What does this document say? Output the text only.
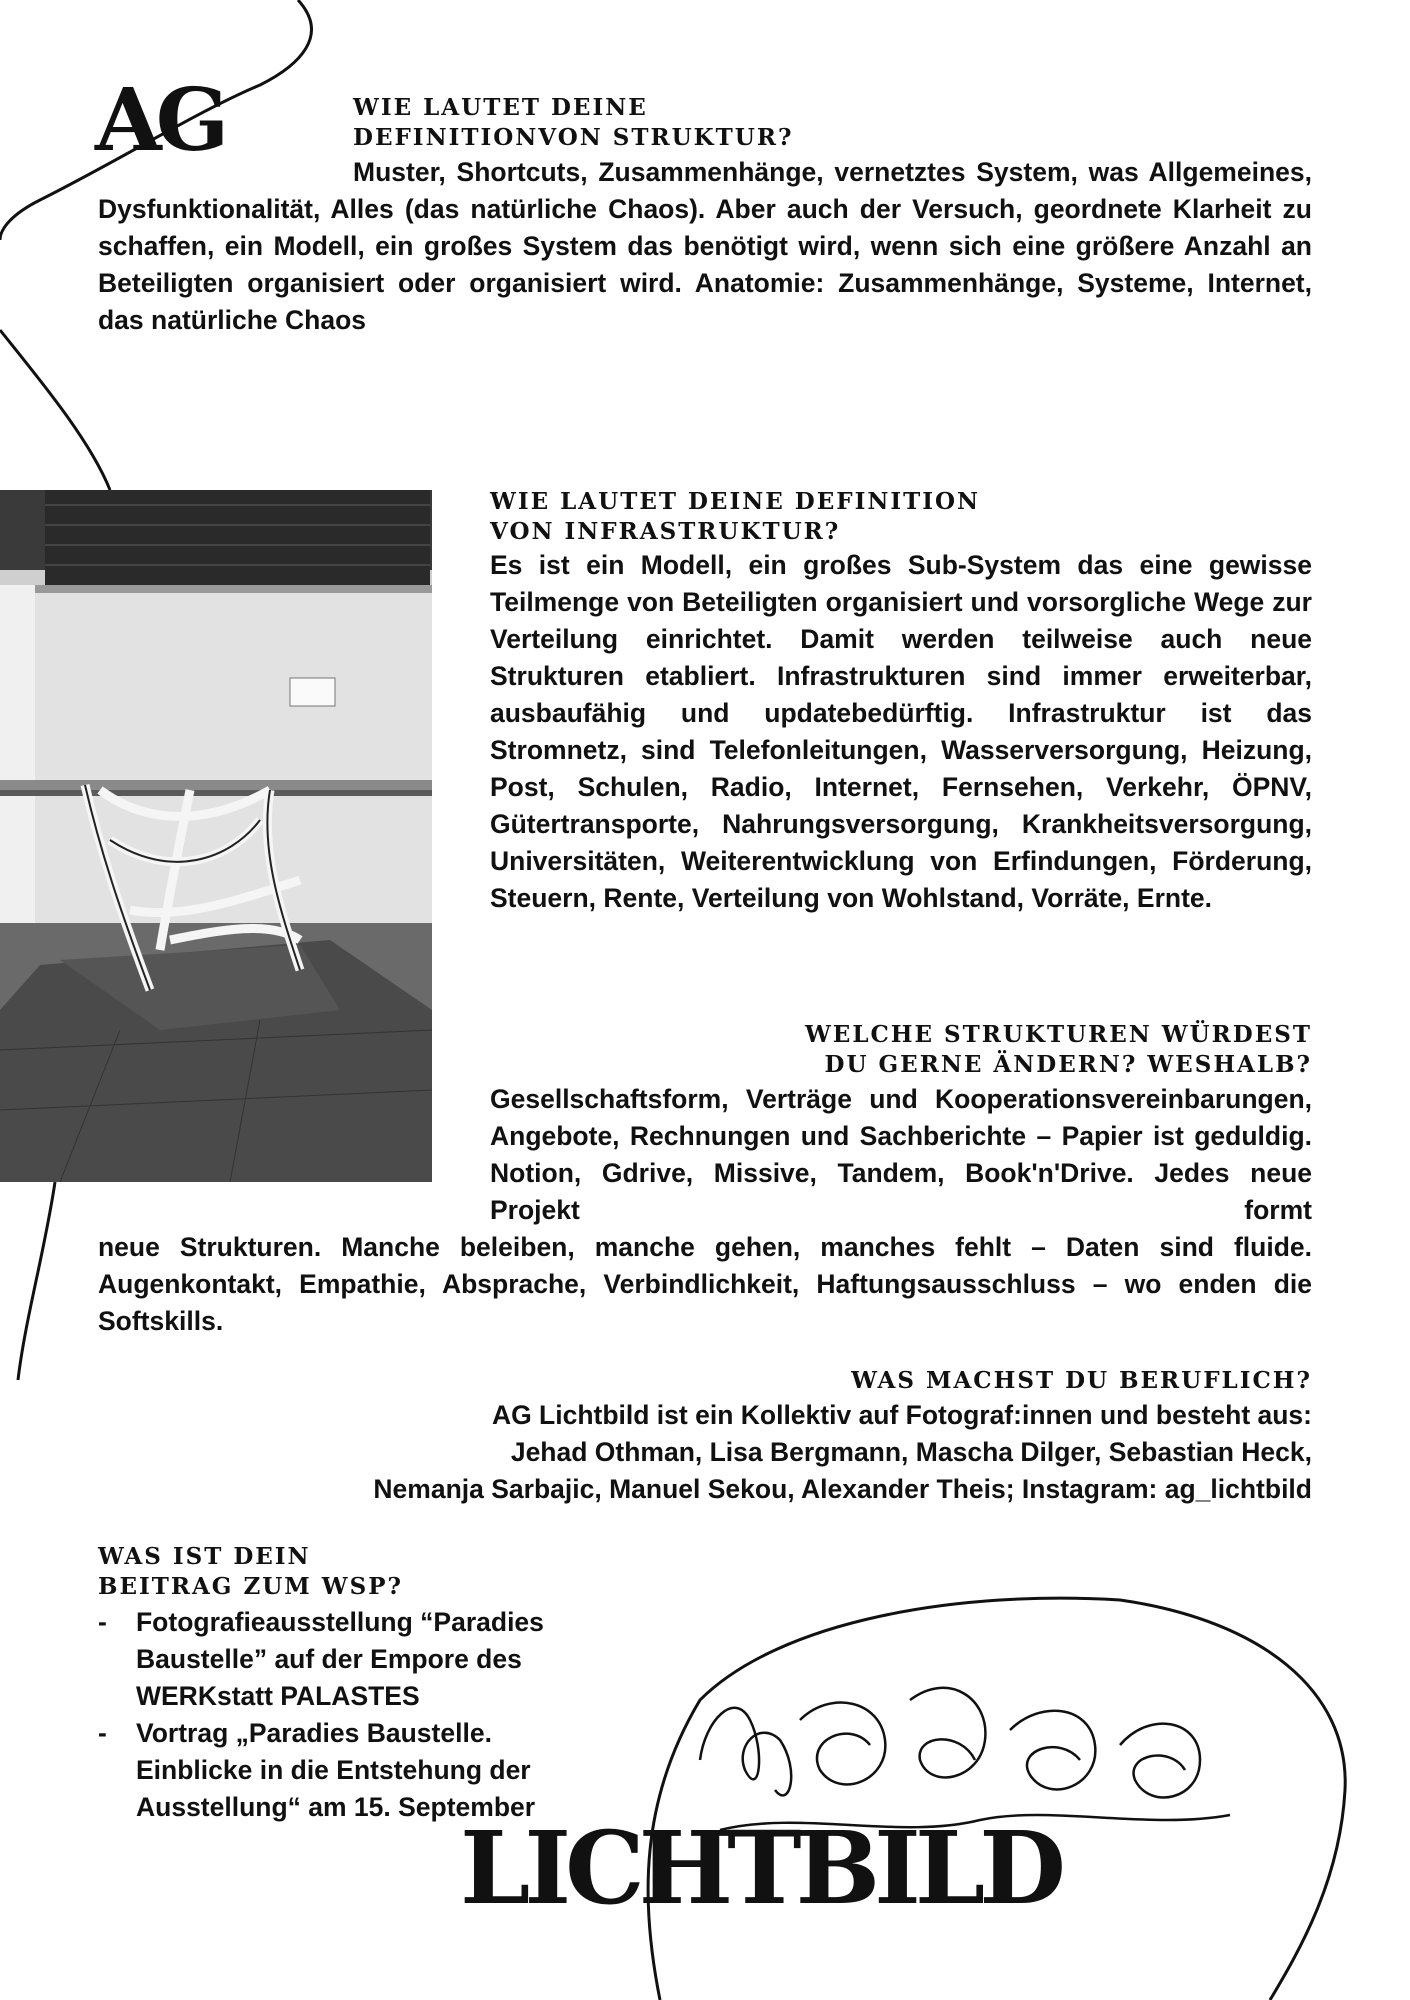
AG	WIE LAUTET DEINE DEFINITIONVON STRUKTUR?
Muster, Shortcuts, Zusammenhänge, vernetztes System, was Allgemeines, Dysfunktionalität, Alles (das natürliche Chaos). Aber auch der Versuch, geordnete Klarheit zu schaffen, ein Modell, ein großes System das benötigt wird, wenn sich eine größere Anzahl an Beteiligten organisiert oder organisiert wird. Anatomie: Zusammenhänge, Systeme, Internet, das natürliche Chaos
WIE LAUTET DEINE DEFINITION
VON INFRASTRUKTUR?
Es ist ein Modell, ein großes Sub-System das eine gewisse Teilmenge von Beteiligten organisiert und vorsorgliche Wege zur Verteilung einrichtet. Damit werden teilweise auch neue Strukturen etabliert. Infrastrukturen sind immer erweiterbar, ausbaufähig und updatebedürftig. Infrastruktur ist das Stromnetz, sind Telefonleitungen, Wasserversorgung, Heizung, Post, Schulen, Radio, Internet, Fernsehen, Verkehr, ÖPNV, Gütertransporte, Nahrungsversorgung, Krankheitsversorgung, Universitäten, Weiterentwicklung von Erfindungen, Förderung, Steuern, Rente, Verteilung von Wohlstand, Vorräte, Ernte.
WELCHE STRUKTUREN WÜRDEST
DU GERNE ÄNDERN? WESHALB?
Gesellschaftsform, Verträge und Kooperationsvereinbarungen, Angebote, Rechnungen und Sachberichte – Papier ist geduldig. Notion, Gdrive, Missive, Tandem, Book'n'Drive. Jedes neue Projekt formt
neue Strukturen. Manche beleiben, manche gehen, manches fehlt – Daten sind fluide. Augenkontakt, Empathie, Absprache, Verbindlichkeit, Haftungsausschluss – wo enden die Softskills.
WAS MACHST DU BERUFLICH?
AG Lichtbild ist ein Kollektiv auf Fotograf:innen und besteht aus:
Jehad Othman, Lisa Bergmann, Mascha Dilger, Sebastian Heck,
Nemanja Sarbajic, Manuel Sekou, Alexander Theis; Instagram: ag_lichtbild
WAS IST DEIN
BEITRAG ZUM WSP?
- Fotografieausstellung “Paradies Baustelle” auf der Empore des WERKstatt PALASTES
- Vortrag „Paradies Baustelle. Einblicke in die Entstehung der Ausstellung“ am 15. September
LICHTBILD
